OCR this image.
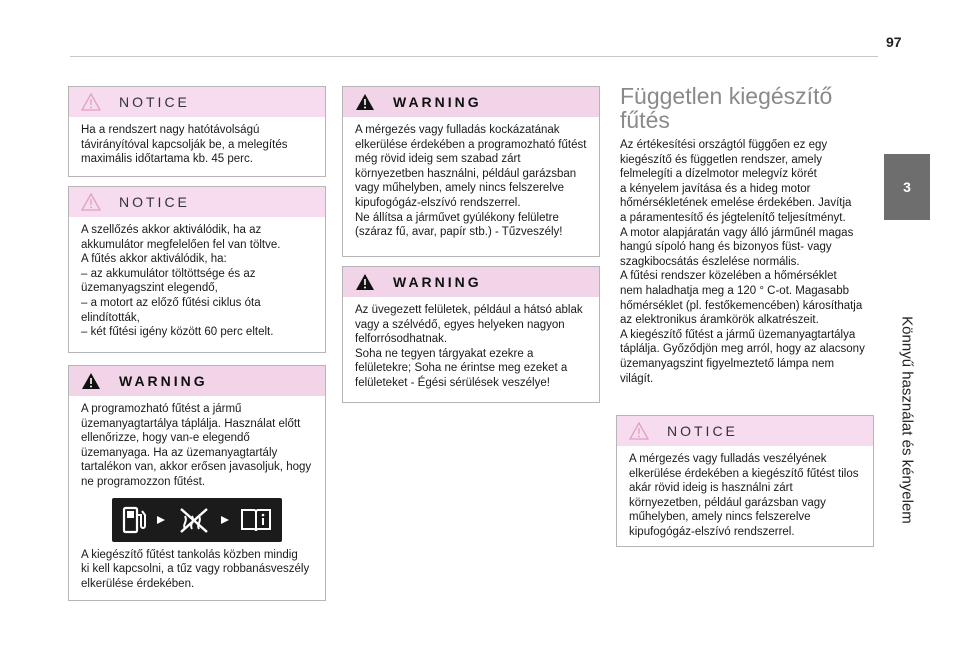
97
3
Könnyű használat és kényelem
NOTICE

Ha a rendszert nagy hatótávolságú

távirányítóval kapcsolják be, a melegítés

maximális időtartama kb. 45 perc.

NOTICE

A szellőzés akkor aktiválódik, ha az

akkumulátor megfelelően fel van töltve.

A fűtés akkor aktiválódik, ha:

– az akkumulátor töltöttsége és az

üzemanyagszint elegendő,

– a motort az előző fűtési ciklus óta

elindították,

– két fűtési igény között 60 perc eltelt.

WARNING

A programozható fűtést a jármű

üzemanyagtartálya táplálja. Használat előtt

ellenőrizze, hogy van-e elegendő

üzemanyaga. Ha az üzemanyagtartály

tartalékon van, akkor erősen javasoljuk, hogy

ne programozzon fűtést.

A kiegészítő fűtést tankolás közben mindig

ki kell kapcsolni, a tűz vagy robbanásveszély

elkerülése érdekében.

WARNING

A mérgezés vagy fulladás kockázatának

elkerülése érdekében a programozható fűtést

még rövid ideig sem szabad zárt

környezetben használni, például garázsban

vagy műhelyben, amely nincs felszerelve

kipufogógáz-elszívó rendszerrel.

Ne állítsa a járművet gyúlékony felületre

(száraz fű, avar, papír stb.) - Tűzveszély!

WARNING

Az üvegezett felületek, például a hátsó ablak

vagy a szélvédő, egyes helyeken nagyon

felforrósodhatnak.

Soha ne tegyen tárgyakat ezekre a

felületekre; Soha ne érintse meg ezeket a

felületeket - Égési sérülések veszélye!

Független kiegészítő
fűtés

Az értékesítési országtól függően ez egy

kiegészítő és független rendszer, amely

felmelegíti a dízelmotor melegvíz körét

a kényelem javítása és a hideg motor

hőmérsékletének emelése érdekében. Javítja

a páramentesítő és jégtelenítő teljesítményt.

A motor alapjáratán vagy álló járműnél magas

hangú sípoló hang és bizonyos füst- vagy

szagkibocsátás észlelése normális.

A fűtési rendszer közelében a hőmérséklet

nem haladhatja meg a 120 ° C-ot. Magasabb

hőmérséklet (pl. festőkemencében) károsíthatja

az elektronikus áramkörök alkatrészeit.

A kiegészítő fűtést a jármű üzemanyagtartálya

táplálja. Győződjön meg arról, hogy az alacsony

üzemanyagszint figyelmeztető lámpa nem

világít.

NOTICE

A mérgezés vagy fulladás veszélyének

elkerülése érdekében a kiegészítő fűtést tilos

akár rövid ideig is használni zárt

környezetben, például garázsban vagy

műhelyben, amely nincs felszerelve

kipufogógáz-elszívó rendszerrel.
